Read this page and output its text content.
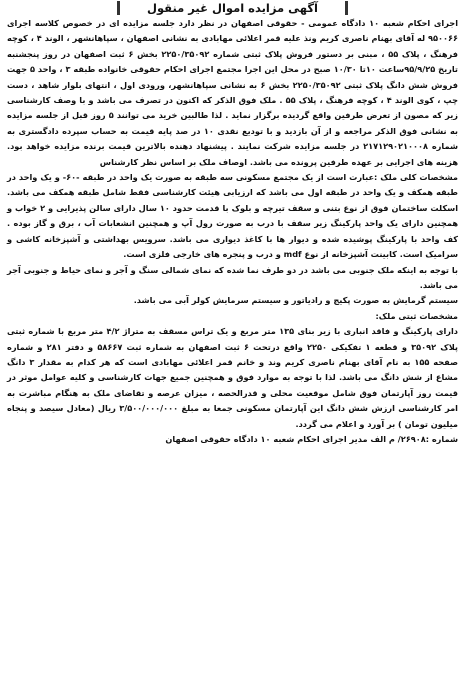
آگهی مزایده اموال غیر منقول

اجرای احکام شعبه ۱۰ دادگاه عمومی - حقوقی اصفهان در نظر دارد جلسه مزایده ای در خصوص کلاسه اجرای ۹۵۰۰۶۶ له آقای بهنام ناصری کریم ونذ علیه قمر اعلائی مهابادی به نشانی اصفهان ، سپاهانشهر ، الوند ۴ ، کوچه فرهنگ ، پلاک ۵۵ ، مبنی بر دستور فروش پلاک ثبتی شماره ۲۲۵۰/۳۵۰۹۲ بخش ۶ ثبت اصفهان در روز پنجشنبه تاریخ ۹۵/۹/۲۵ساعت ۱۰تا ۱۰/۳۰ صبح در محل این اجرا مجتمع اجرای احکام حقوقی خانواده طبقه ۳ ، واحد ۵ جهت فروش شش دانگ پلاک ثبتی ۲۲۵۰/۳۵۰۹۲ بخش ۶ به نشانی سپاهانشهر، ورودی اول ، انتهای بلوار شاهد ، دست چپ ، کوی الوند ۴ ، کوچه فرهنگ ، پلاک ۵۵ . ملک فوق الذکر که اکنون در تصرف می باشد و با وصف کارشناسی زیر که مصون از تعرض طرفین واقع گردیده برگزار نماید . لذا طالبین خرید می توانند ۵ روز قبل از جلسه مزایده به نشانی فوق الذکر مراجعه و از آن بازدید و با تودیع نقدی ۱۰ در صد پایه قیمت به حساب سپرده دادگستری به شماره ۲۱۷۱۲۹۰۲۱۰۰۰۸ در جلسه مزایده شرکت نمایند . پیشنهاد دهنده بالاترین قیمت برنده مزایده خواهد بود. هزینه های اجرایی بر عهده طرفین پرونده می باشد. اوصاف ملک بر اساس نظر کارشناس

مشخصات کلی ملک :عبارت است از یک مجتمع مسکونی سه طبقه به صورت یک واحد در طبقه -۶۰- و یک واحد در طبقه همکف و یک واحد در طبقه اول می باشد که ارزیابی هیئت کارشناسی فقط شامل طبقه همکف می باشد. اسکلت ساختمان فوق از نوع بتنی و سقف تیرچه و بلوک با قدمت حدود ۱۰ سال دارای سالن پذیرایی و ۲ خواب و همچنین دارای یک واحد پارکینگ زیر سقف با درب به صورت رول آپ و همچنین انشعابات آب ، برق و گاز بوده . کف واحد با پارکینگ پوشیده شده و دیوار ها با کاغذ دیواری می باشد. سرویس بهداشتی و آشپزخانه کاشی و سرامیک است. کابینت آشپزخانه از نوع mdf و درب و پنجره های خارجی فلزی است.

با توجه به اینکه ملک جنوبی می باشد در دو طرف نما شده که نمای شمالی سنگ و آجر و نمای حیاط و جنوبی آجر می باشد.

سیستم گرمایش به صورت پکیج و رادیاتور و سیستم سرمایش کولر آبی می باشد.

مشخصات ثبتی ملک:

دارای پارکینگ و فاقد انباری با زیر بنای ۱۳۵ متر مربع و یک تراس مسقف به متراژ ۴/۲ متر مربع با شماره ثبتی پلاک ۳۵۰۹۲ و قطعه ۱ تفکیکی ۲۲۵۰ واقع درتحت ۶ ثبت اصفهان به شماره ثبت ۵۸۶۶۷ و دفتر ۲۸۱ و شماره صفحه ۱۵۵ به نام آقای بهنام ناصری کریم وند و خانم قمر اعلائی مهابادی است که هر کدام به مقدار ۳ دانگ مشاع از شش دانگ می باشد. لذا با توجه به موارد فوق و همچنین جمیع جهات کارشناسی و کلیه عوامل موثر در قیمت روز آپارتمان فوق شامل موقعیت محلی و قدرالحصه ، میزان عرصه و تقاضای ملک به هنگام مباشرت به امر کارشناسی ارزش شش دانگ این آپارتمان مسکونی جمعا به مبلغ ۳/۵۰۰/۰۰۰/۰۰۰ ریال (معادل سیصد و پنجاه میلیون تومان ) بر آورد و اعلام می گردد.

شماره :۲۶۹۰۸/ م الف مدیر اجرای احکام شعبه ۱۰ دادگاه حقوقی اصفهان
